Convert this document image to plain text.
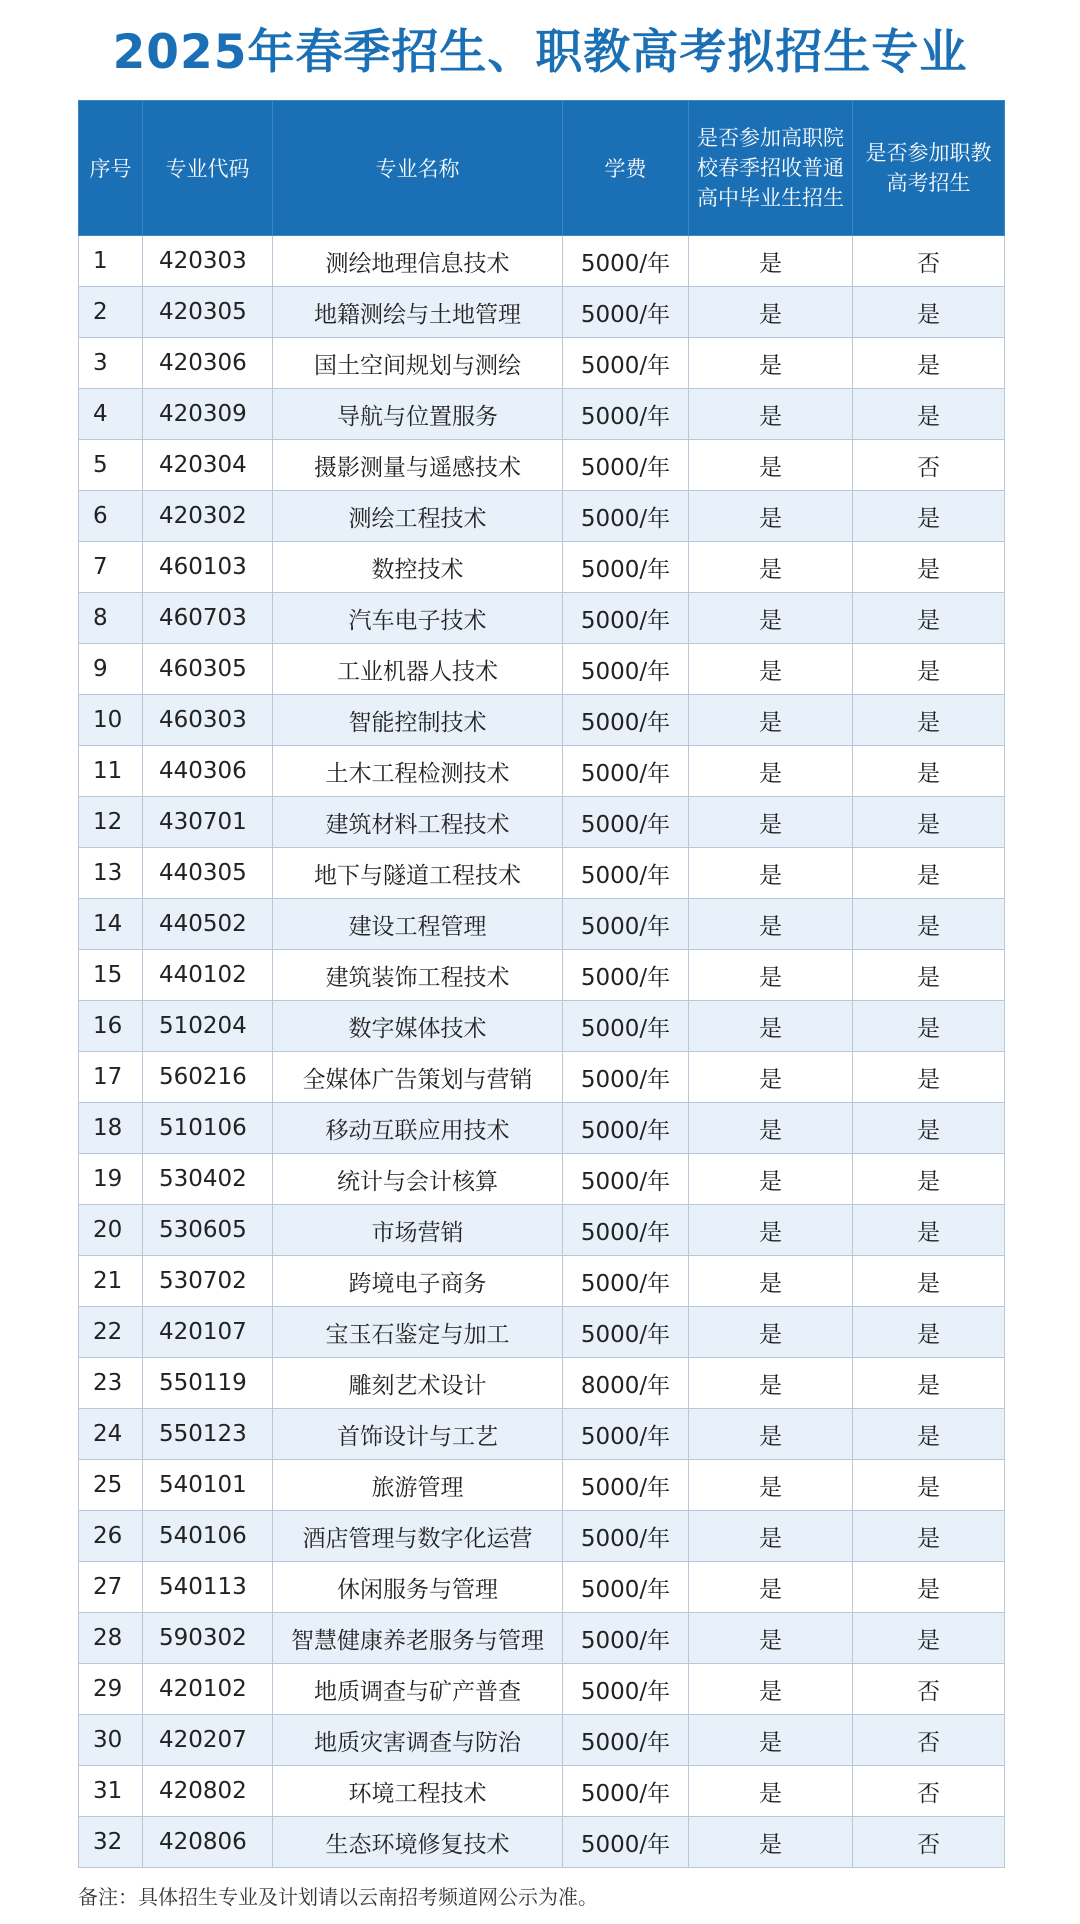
2025年春季招生、职教高考拟招生专业
序号	专业代码	专业名称	学费	是否参加高职院校春季招收普通高中毕业生招生	是否参加职教高考招生
1	420303	测绘地理信息技术	5000/年	是	否
2	420305	地籍测绘与土地管理	5000/年	是	是
3	420306	国土空间规划与测绘	5000/年	是	是
4	420309	导航与位置服务	5000/年	是	是
5	420304	摄影测量与遥感技术	5000/年	是	否
6	420302	测绘工程技术	5000/年	是	是
7	460103	数控技术	5000/年	是	是
8	460703	汽车电子技术	5000/年	是	是
9	460305	工业机器人技术	5000/年	是	是
10	460303	智能控制技术	5000/年	是	是
11	440306	土木工程检测技术	5000/年	是	是
12	430701	建筑材料工程技术	5000/年	是	是
13	440305	地下与隧道工程技术	5000/年	是	是
14	440502	建设工程管理	5000/年	是	是
15	440102	建筑装饰工程技术	5000/年	是	是
16	510204	数字媒体技术	5000/年	是	是
17	560216	全媒体广告策划与营销	5000/年	是	是
18	510106	移动互联应用技术	5000/年	是	是
19	530402	统计与会计核算	5000/年	是	是
20	530605	市场营销	5000/年	是	是
21	530702	跨境电子商务	5000/年	是	是
22	420107	宝玉石鉴定与加工	5000/年	是	是
23	550119	雕刻艺术设计	8000/年	是	是
24	550123	首饰设计与工艺	5000/年	是	是
25	540101	旅游管理	5000/年	是	是
26	540106	酒店管理与数字化运营	5000/年	是	是
27	540113	休闲服务与管理	5000/年	是	是
28	590302	智慧健康养老服务与管理	5000/年	是	是
29	420102	地质调查与矿产普查	5000/年	是	否
30	420207	地质灾害调查与防治	5000/年	是	否
31	420802	环境工程技术	5000/年	是	否
32	420806	生态环境修复技术	5000/年	是	否
备注：具体招生专业及计划请以云南招考频道网公示为准。
